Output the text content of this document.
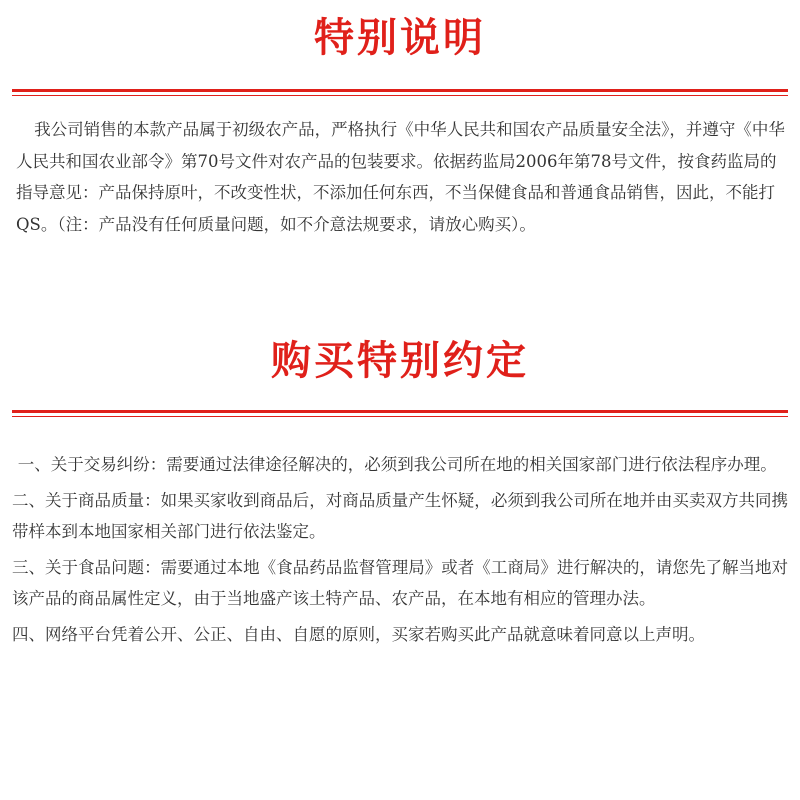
特别说明

我公司销售的本款产品属于初级农产品，严格执行《中华人民共和国农产品质量安全法》，并遵守《中华人民共和国农业部令》第70号文件对农产品的包装要求。依据药监局2006年第78号文件，按食药监局的指导意见：产品保持原叶，不改变性状，不添加任何东西，不当保健食品和普通食品销售，因此，不能打QS。（注：产品没有任何质量问题，如不介意法规要求，请放心购买）。

购买特别约定
一、关于交易纠纷：需要通过法律途径解决的，必须到我公司所在地的相关国家部门进行依法程序办理。
二、关于商品质量：如果买家收到商品后，对商品质量产生怀疑，必须到我公司所在地并由买卖双方共同携带样本到本地国家相关部门进行依法鉴定。
三、关于食品问题：需要通过本地《食品药品监督管理局》或者《工商局》进行解决的，请您先了解当地对该产品的商品属性定义，由于当地盛产该土特产品、农产品，在本地有相应的管理办法。
四、网络平台凭着公开、公正、自由、自愿的原则，买家若购买此产品就意味着同意以上声明。
